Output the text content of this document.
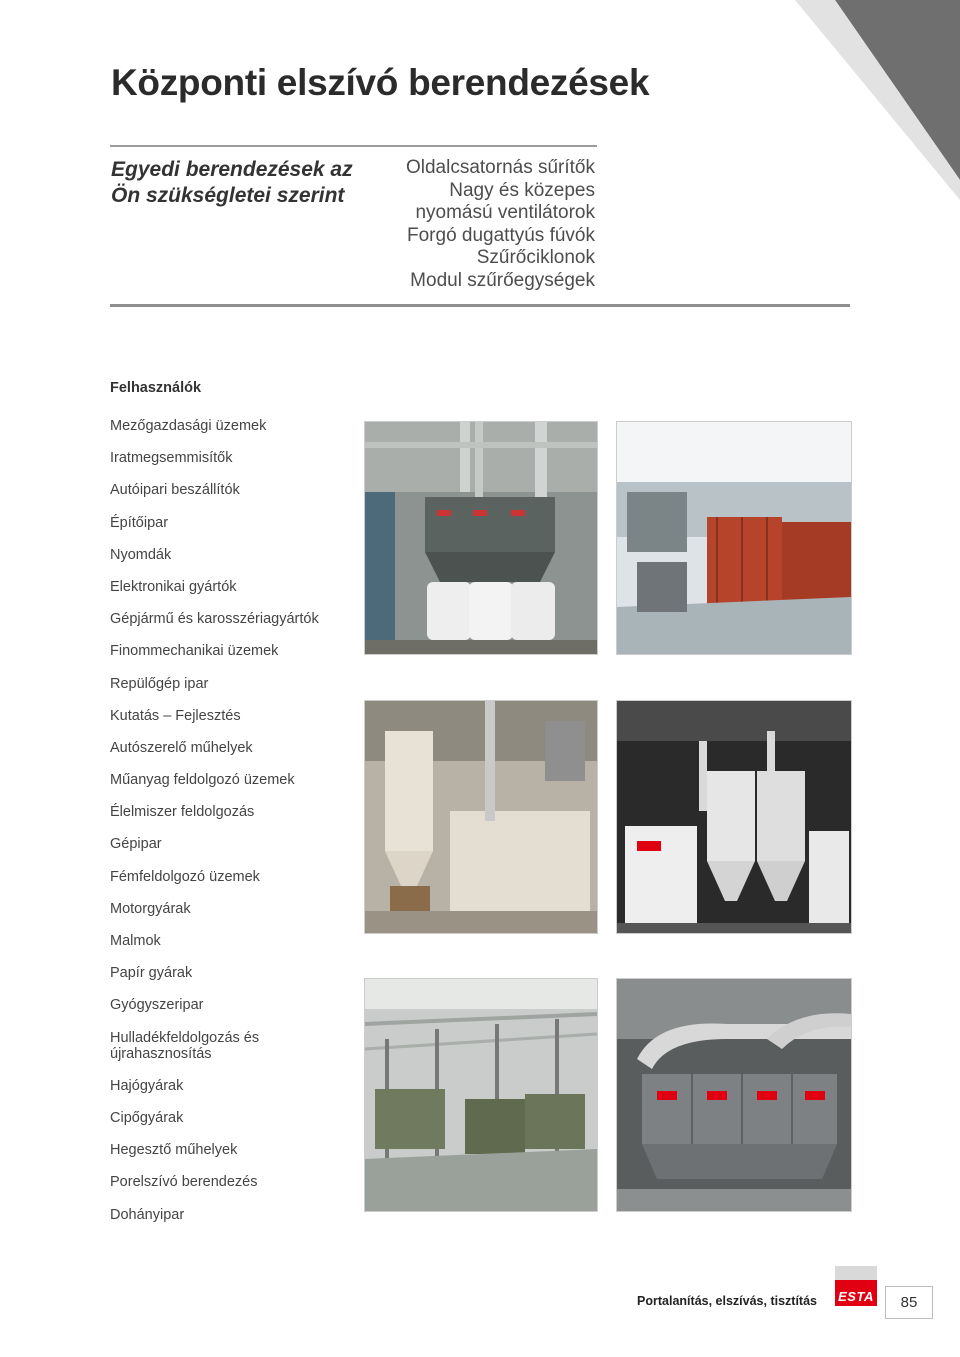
Központi elszívó berendezések
Egyedi berendezések az Ön szükségletei szerint
Oldalcsatornás sűrítők
Nagy és közepes
nyomású ventilátorok
Forgó dugattyús fúvók
Szűrőciklonok
Modul szűrőegységek
Felhasználók
Mezőgazdasági üzemek
Iratmegsemmisítők
Autóipari beszállítók
Építőipar
Nyomdák
Elektronikai gyártók
Gépjármű és karosszériagyártók
Finommechanikai üzemek
Repülőgép ipar
Kutatás – Fejlesztés
Autószerelő műhelyek
Műanyag feldolgozó üzemek
Élelmiszer feldolgozás
Gépipar
Fémfeldolgozó üzemek
Motorgyárak
Malmok
Papír gyárak
Gyógyszeripar
Hulladékfeldolgozás és újrahasznosítás
Hajógyárak
Cipőgyárak
Hegesztő műhelyek
Porelszívó berendezés
Dohányipar
Portalanítás, elszívás, tisztítás ESTA	85
